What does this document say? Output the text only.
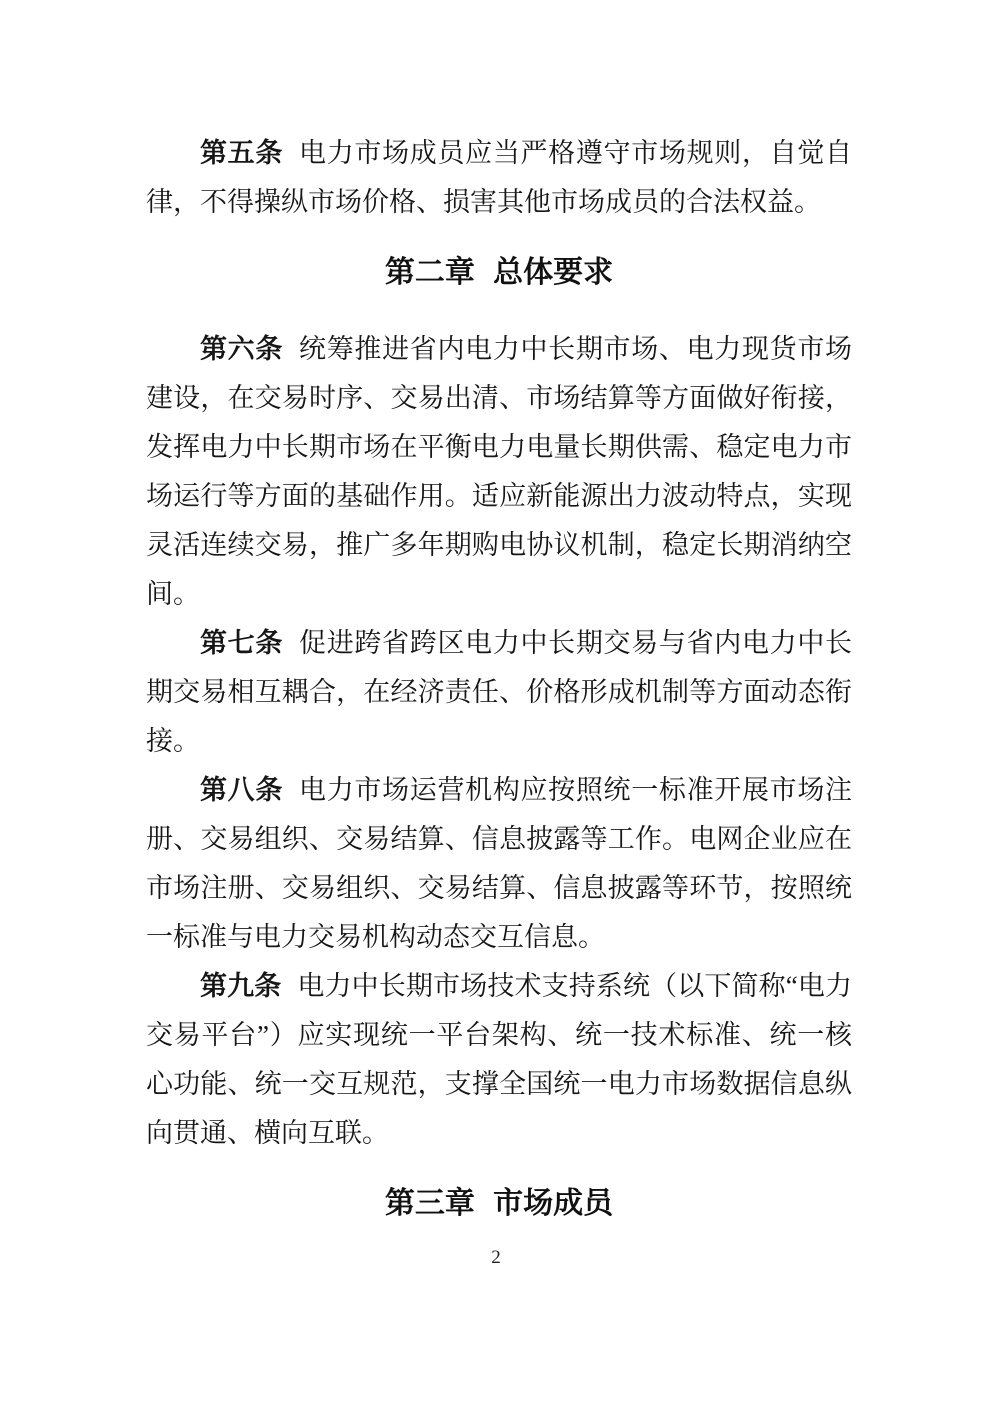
第五条 电力市场成员应当严格遵守市场规则，自觉自律，不得操纵市场价格、损害其他市场成员的合法权益。

第二章 总体要求

第六条 统筹推进省内电力中长期市场、电力现货市场建设，在交易时序、交易出清、市场结算等方面做好衔接，发挥电力中长期市场在平衡电力电量长期供需、稳定电力市场运行等方面的基础作用。适应新能源出力波动特点，实现灵活连续交易，推广多年期购电协议机制，稳定长期消纳空间。

第七条 促进跨省跨区电力中长期交易与省内电力中长期交易相互耦合，在经济责任、价格形成机制等方面动态衔接。

第八条 电力市场运营机构应按照统一标准开展市场注册、交易组织、交易结算、信息披露等工作。电网企业应在市场注册、交易组织、交易结算、信息披露等环节，按照统一标准与电力交易机构动态交互信息。

第九条 电力中长期市场技术支持系统（以下简称“电力交易平台”）应实现统一平台架构、统一技术标准、统一核心功能、统一交互规范，支撑全国统一电力市场数据信息纵向贯通、横向互联。

第三章 市场成员
2
